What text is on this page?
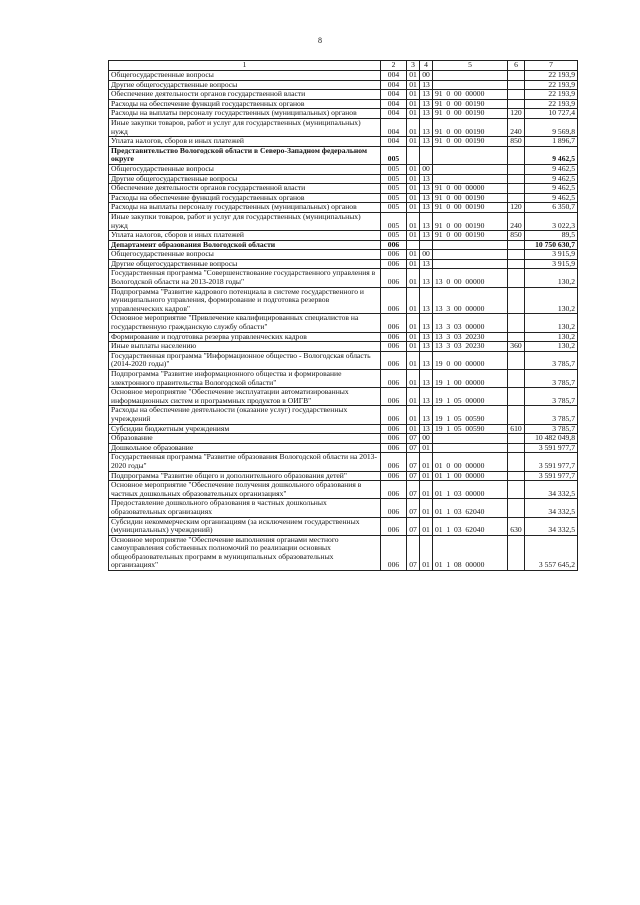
8
1	2	3	4	5	6	7
Общегосударственные вопросы	004	01	00			22 193,9
Другие общегосударственные вопросы	004	01	13			22 193,9
Обеспечение деятельности органов государственной власти	004	01	13	91  0  00  00000		22 193,9
Расходы на обеспечение функций государственных органов	004	01	13	91  0  00  00190		22 193,9
Расходы на выплаты персоналу государственных (муниципальных) органов	004	01	13	91  0  00  00190	120	10 727,4
Иные закупки товаров, работ и услуг для государственных (муниципальных) нужд	004	01	13	91  0  00  00190	240	9 569,8
Уплата налогов, сборов и иных платежей	004	01	13	91  0  00  00190	850	1 896,7
Представительство Вологодской области в Северо-Западном федеральном округе	005					9 462,5
Общегосударственные вопросы	005	01	00			9 462,5
Другие общегосударственные вопросы	005	01	13			9 462,5
Обеспечение деятельности органов государственной власти	005	01	13	91  0  00  00000		9 462,5
Расходы на обеспечение функций государственных органов	005	01	13	91  0  00  00190		9 462,5
Расходы на выплаты персоналу государственных (муниципальных) органов	005	01	13	91  0  00  00190	120	6 350,7
Иные закупки товаров, работ и услуг для государственных (муниципальных) нужд	005	01	13	91  0  00  00190	240	3 022,3
Уплата налогов, сборов и иных платежей	005	01	13	91  0  00  00190	850	89,5
Департамент образования Вологодской области	006					10 750 630,7
Общегосударственные вопросы	006	01	00			3 915,9
Другие общегосударственные вопросы	006	01	13			3 915,9
Государственная программа "Совершенствование государственного управления в Вологодской области на 2013-2018 годы"	006	01	13	13  0  00  00000		130,2
Подпрограмма "Развитие кадрового потенциала в системе государственного и муниципального управления, формирование и подготовка резервов управленческих кадров"	006	01	13	13  3  00  00000		130,2
Основное мероприятие "Привлечение квалифицированных специалистов на государственную гражданскую службу области"	006	01	13	13  3  03  00000		130,2
Формирование и подготовка резерва управленческих кадров	006	01	13	13  3  03  20230		130,2
Иные выплаты населению	006	01	13	13  3  03  20230	360	130,2
Государственная программа "Информационное общество - Вологодская область (2014-2020 годы)"	006	01	13	19  0  00  00000		3 785,7
Подпрограмма "Развитие информационного общества и формирование электронного правительства Вологодской области"	006	01	13	19  1  00  00000		3 785,7
Основное мероприятие "Обеспечение эксплуатации автоматизированных информационных систем и программных продуктов в ОИГВ"	006	01	13	19  1  05  00000		3 785,7
Расходы на обеспечение деятельности (оказание услуг) государственных учреждений	006	01	13	19  1  05  00590		3 785,7
Субсидии бюджетным учреждениям	006	01	13	19  1  05  00590	610	3 785,7
Образование	006	07	00			10 482 049,8
Дошкольное образование	006	07	01			3 591 977,7
Государственная программа "Развитие образования Вологодской области на 2013-2020 годы"	006	07	01	01  0  00  00000		3 591 977,7
Подпрограмма "Развитие общего и дополнительного образования детей"	006	07	01	01  1  00  00000		3 591 977,7
Основное мероприятие "Обеспечение получения дошкольного образования в частных дошкольных образовательных организациях"	006	07	01	01  1  03  00000		34 332,5
Предоставление дошкольного образования в частных дошкольных образовательных организациях	006	07	01	01  1  03  62040		34 332,5
Субсидии некоммерческим организациям (за исключением государственных (муниципальных) учреждений)	006	07	01	01  1  03  62040	630	34 332,5
Основное мероприятие "Обеспечение выполнения органами местного самоуправления собственных полномочий по реализации основных общеобразовательных программ в муниципальных образовательных организациях"	006	07	01	01  1  08  00000		3 557 645,2
